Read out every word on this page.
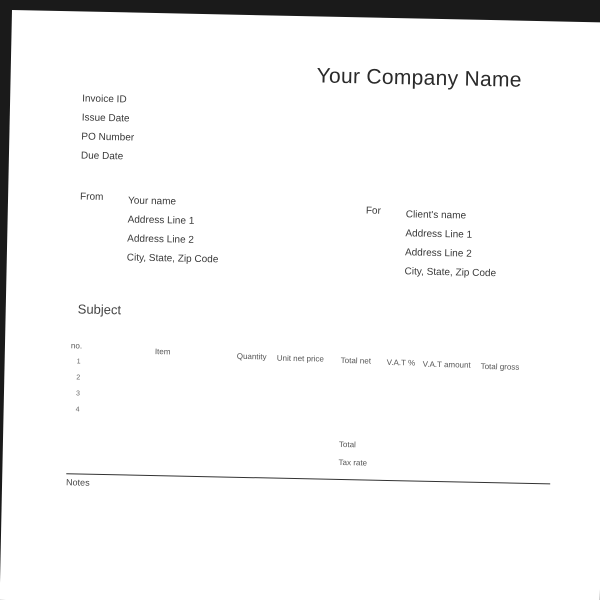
Your Company Name
Invoice ID
Issue Date
PO Number
Due Date
From Your name
Address Line 1
Address Line 2
City, State, Zip Code
For Client's name
Address Line 1
Address Line 2
City, State, Zip Code
Subject
no.
Item
Quantity Unit net price Total net V.A.T % V.A.T amount Total gross
1
2
3
4
Total
Tax rate
Notes
